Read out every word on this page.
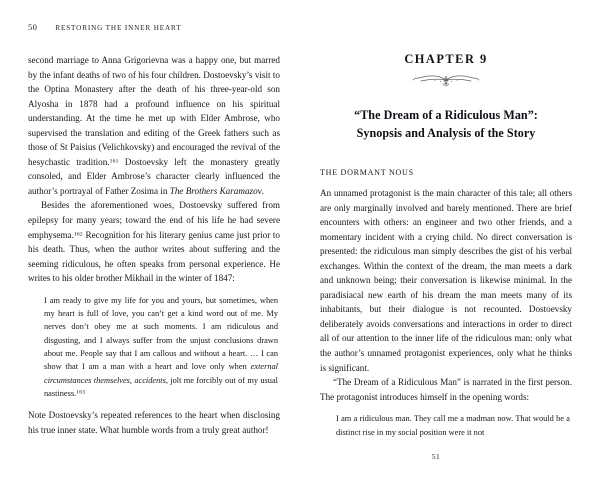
50	RESTORING THE INNER HEART

second marriage to Anna Grigorievna was a happy one, but marred by the infant deaths of two of his four children. Dostoevsky’s visit to the Optina Monastery after the death of his three-year-old son Alyosha in 1878 had a profound influence on his spiritual understanding. At the time he met up with Elder Ambrose, who supervised the translation and editing of the Greek fathers such as those of St Paisius (Velichkovsky) and encouraged the revival of the hesychastic tradition.$^{161}$ Dostoevsky left the monastery greatly consoled, and Elder Ambrose’s character clearly influenced the author’s portrayal of Father Zosima in The Brothers Karamazov.

Besides the aforementioned woes, Dostoevsky suffered from epilepsy for many years; toward the end of his life he had severe emphysema.$^{162}$ Recognition for his literary genius came just prior to his death. Thus, when the author writes about suffering and the seeming ridiculous, he often speaks from personal experience. He writes to his older brother Mikhail in the winter of 1847:

I am ready to give my life for you and yours, but sometimes, when my heart is full of love, you can’t get a kind word out of me. My nerves don’t obey me at such moments. I am ridiculous and disgusting, and I always suffer from the unjust conclusions drawn about me. People say that I am callous and without a heart. … I can show that I am a man with a heart and love only when external circumstances themselves, accidents, jolt me forcibly out of my usual nastiness.$^{163}$

Note Dostoevsky’s repeated references to the heart when disclosing his true inner state. What humble words from a truly great author!

CHAPTER 9
“The Dream of a Ridiculous Man”:
Synopsis and Analysis of the Story
THE DORMANT NOUS

An unnamed protagonist is the main character of this tale; all others are only marginally involved and barely mentioned. There are brief encounters with others: an engineer and two other friends, and a momentary incident with a crying child. No direct conversation is presented: the ridiculous man simply describes the gist of his verbal exchanges. Within the context of the dream, the man meets a dark and unknown being; their conversation is likewise minimal. In the paradisiacal new earth of his dream the man meets many of its inhabitants, but their dialogue is not recounted. Dostoevsky deliberately avoids conversations and interactions in order to direct all of our attention to the inner life of the ridiculous man: only what the author’s unnamed protagonist experiences, only what he thinks is significant.

“The Dream of a Ridiculous Man” is narrated in the first person. The protagonist introduces himself in the opening words:

I am a ridiculous man. They call me a madman now. That would be a distinct rise in my social position were it not

51
